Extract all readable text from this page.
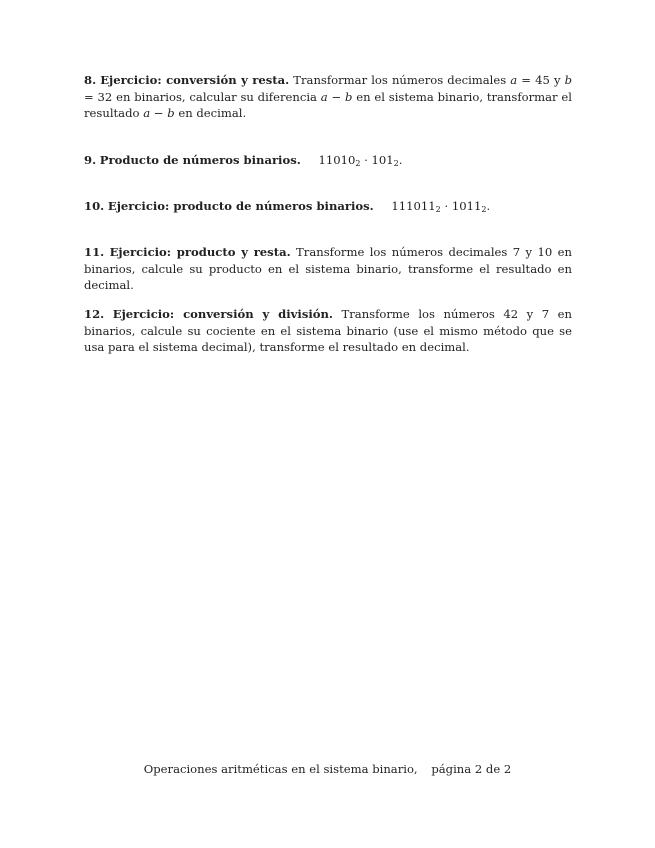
8. Ejercicio: conversión y resta. Transformar los números decimales a = 45 y b = 32 en binarios, calcular su diferencia a − b en el sistema binario, transformar el resultado a − b en decimal.
9. Producto de números binarios. $11010_2 \cdot 101_2$.
10. Ejercicio: producto de números binarios. $111011_2 \cdot 1011_2$.
11. Ejercicio: producto y resta. Transforme los números decimales 7 y 10 en binarios, calcule su producto en el sistema binario, transforme el resultado en decimal.
12. Ejercicio: conversión y división. Transforme los números 42 y 7 en binarios, calcule su cociente en el sistema binario (use el mismo método que se usa para el sistema decimal), transforme el resultado en decimal.
Operaciones aritméticas en el sistema binario, página 2 de 2
